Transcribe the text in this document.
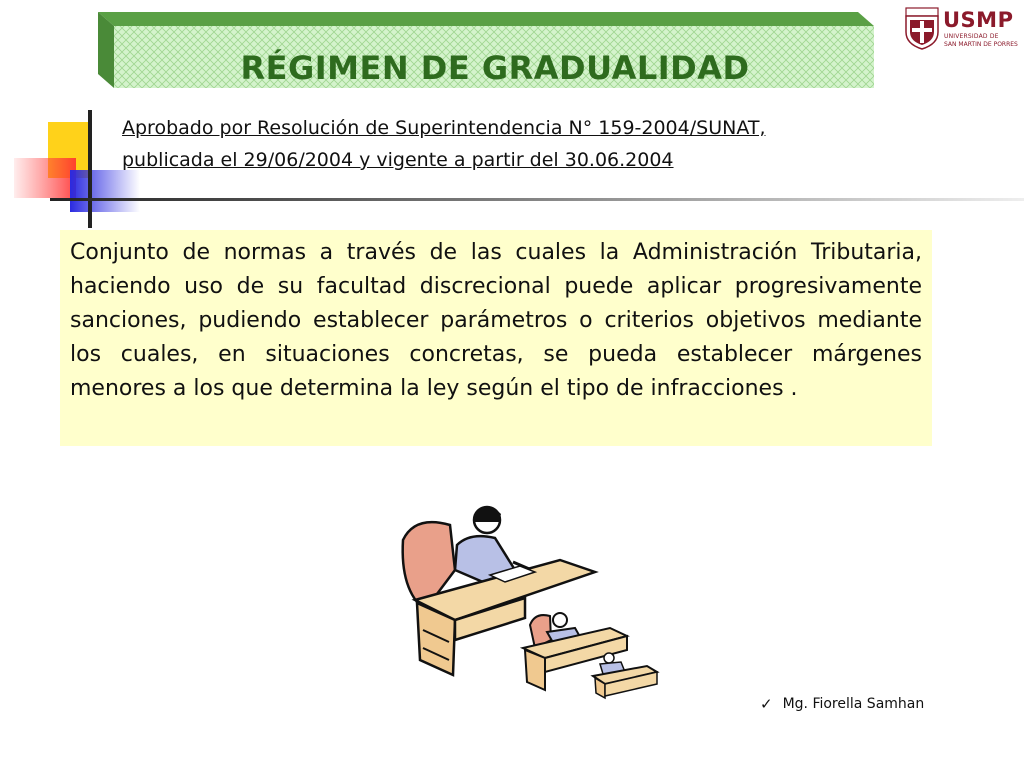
RÉGIMEN DE GRADUALIDAD
USMP
UNIVERSIDAD DE
SAN MARTIN DE PORRES
Aprobado por Resolución de Superintendencia N° 159-2004/SUNAT,
publicada el 29/06/2004 y vigente a partir del 30.06.2004
Conjunto de normas a través de las cuales la Administración Tributaria, haciendo uso de su facultad discrecional puede aplicar progresivamente  sanciones, pudiendo establecer parámetros o criterios objetivos mediante los cuales, en situaciones concretas, se pueda establecer márgenes menores a los que determina la ley según el tipo de infracciones .
✓ Mg. Fiorella Samhan
